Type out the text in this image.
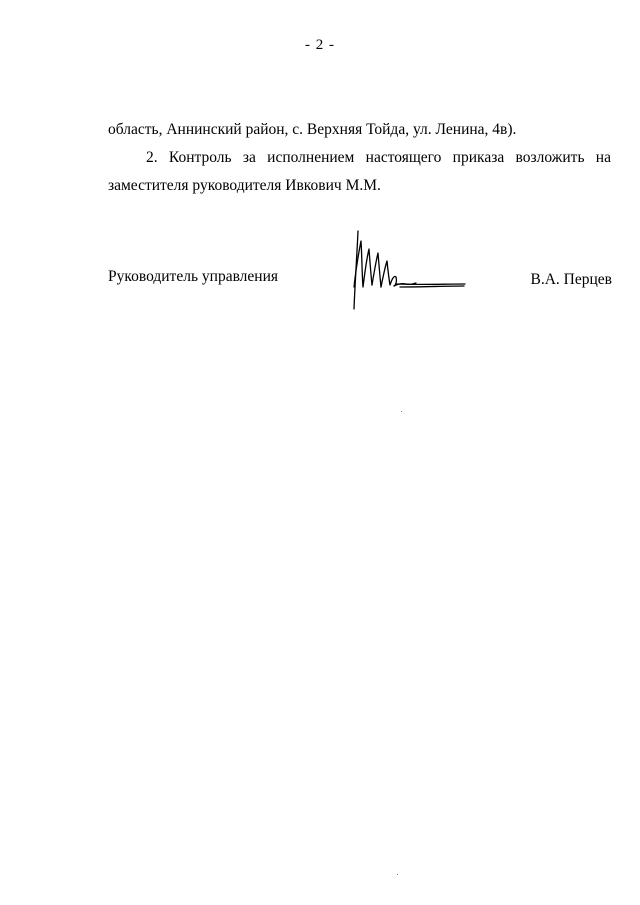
- 2 -
область, Аннинский район, с. Верхняя Тойда, ул. Ленина, 4в).
2. Контроль за исполнением настоящего приказа возложить на
заместителя руководителя Ивкович М.М.
Руководитель управления	В.А. Перцев
